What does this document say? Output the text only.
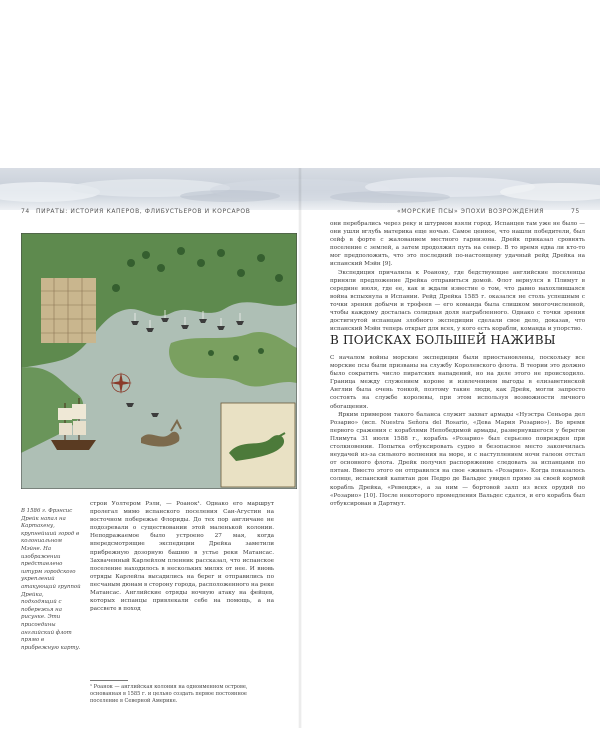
74 ПИРАТЫ: ИСТОРИЯ КАПЕРОВ, ФЛИБУСТЬЕРОВ И КОРСАРОВ	«МОРСКИЕ ПСЫ» ЭПОХИ ВОЗРОЖДЕНИЯ	75
В 1586 г. Фрэнсис Дрейк напал на Картахену, крупнейший город в колониальном Мэйне. На изображении представлено штурм городского укреплений атакующий группой Дрейка, подходящий с побережья на рисунке. Эти присоедины английский флот прямо в прибрежную карту.

строи Уолтером Рэли, — Роанок¹. Однако его маршрут пролегал мимо испанского поселения Сан-Агустин на восточном побережье Флориды. До тех пор англичане не подозревали о существовании этой маленькой колонии. Неподражаемое было устроено 27 мая, когда впередсмотрящие экспедиции Дрейка заметили прибрежную дозорную башню в устье реки Матансас. Захваченный Карлейлом пленник рассказал, что испанское поселение находилось в нескольких милях от нее. И вновь отряды Карлейла высадились на берег и отправились по песчаным дюнам в сторону города, расположенного на реке Матансас. Английские отряды ночную атаку на фейцев, которых испанцы привлекали себе на помощь, а на рассвете в поход

¹ Роанок — английская колония на одноименном острове, основанная в 1585 г. и цельно создать первое постоянное поселение в Северной Америке.

они перебрались через реку и штурмом взяли город. Испанцев там уже не было — они ушли вглубь материка еще ночью. Самое ценное, что нашли победители, был сейф в форте с жалованием местного гарнизона. Дрейк приказал сровнять поселение с землей, а затем продолжил путь на север. В то время едва ли кто-то мог предположить, что это последний по-настоящему удачный рейд Дрейка на испанский Мэйн [9].

Экспедиция причалила к Роаноку, где бедствующие английские поселенцы приняли предложение Дрейка отправиться домой. Флот вернулся в Плимут в середине июля, где ее, как и ждали известие о том, что давно нахохлившаяся война вспыхнула в Испании. Рейд Дрейка 1585 г. оказался не столь успешным с точки зрения добычи и трофеев — его команда была слишком многочисленной, чтобы каждому досталась солидная доля награбленного. Однако с точки зрения достигнутой испанцам злобного экспедиции сделали свое дело, доказав, что испанский Мэйн теперь открыт для всех, у кого есть корабли, команда и упорство.

В ПОИСКАХ БОЛЬШЕЙ НАЖИВЫ

С началом войны морские экспедиции были приостановлены, поскольку все морские псы были призваны на службу Королевского флота. В теории это должно было сократить число пиратских нападений, но на деле этого не происходило. Граница между служением короне и извлечением выгоды в елизаветинской Англии была очень тонкой, поэтому такие люди, как Дрейк, могли запросто состоять на службе королевы, при этом используя возможности личного обогащения.

Ярким примером такого баланса служит захват армады «Нуэстра Сеньора дел Розарио» (исп. Nuestra Señora del Rosario, «Дева Мария Розарио»). Во время первого сражения с кораблями Непобедимой армады, развернувшегося у берегов Плимута 31 июля 1588 г., корабль «Розарио» был серьезно поврежден при столкновении. Попытка отбуксировать судно в безопасное место закончилась неудачей из-за сильного волнения на море, и с наступлением ночи галеон отстал от основного флота. Дрейк получил распоряжение следовать за испанцами по пятам. Вместо этого он отправился на свое «живать «Розарио». Когда показалось солнце, испанский капитан дон Педро де Вальдес увидел прямо за своей кормой корабль Дрейка, «Ревендж», а за ним — бортовой залп из всех орудий по «Розарио» [10]. После некоторого промедления Вальдес сдался, и его корабль был отбуксирован в Дартмут.
